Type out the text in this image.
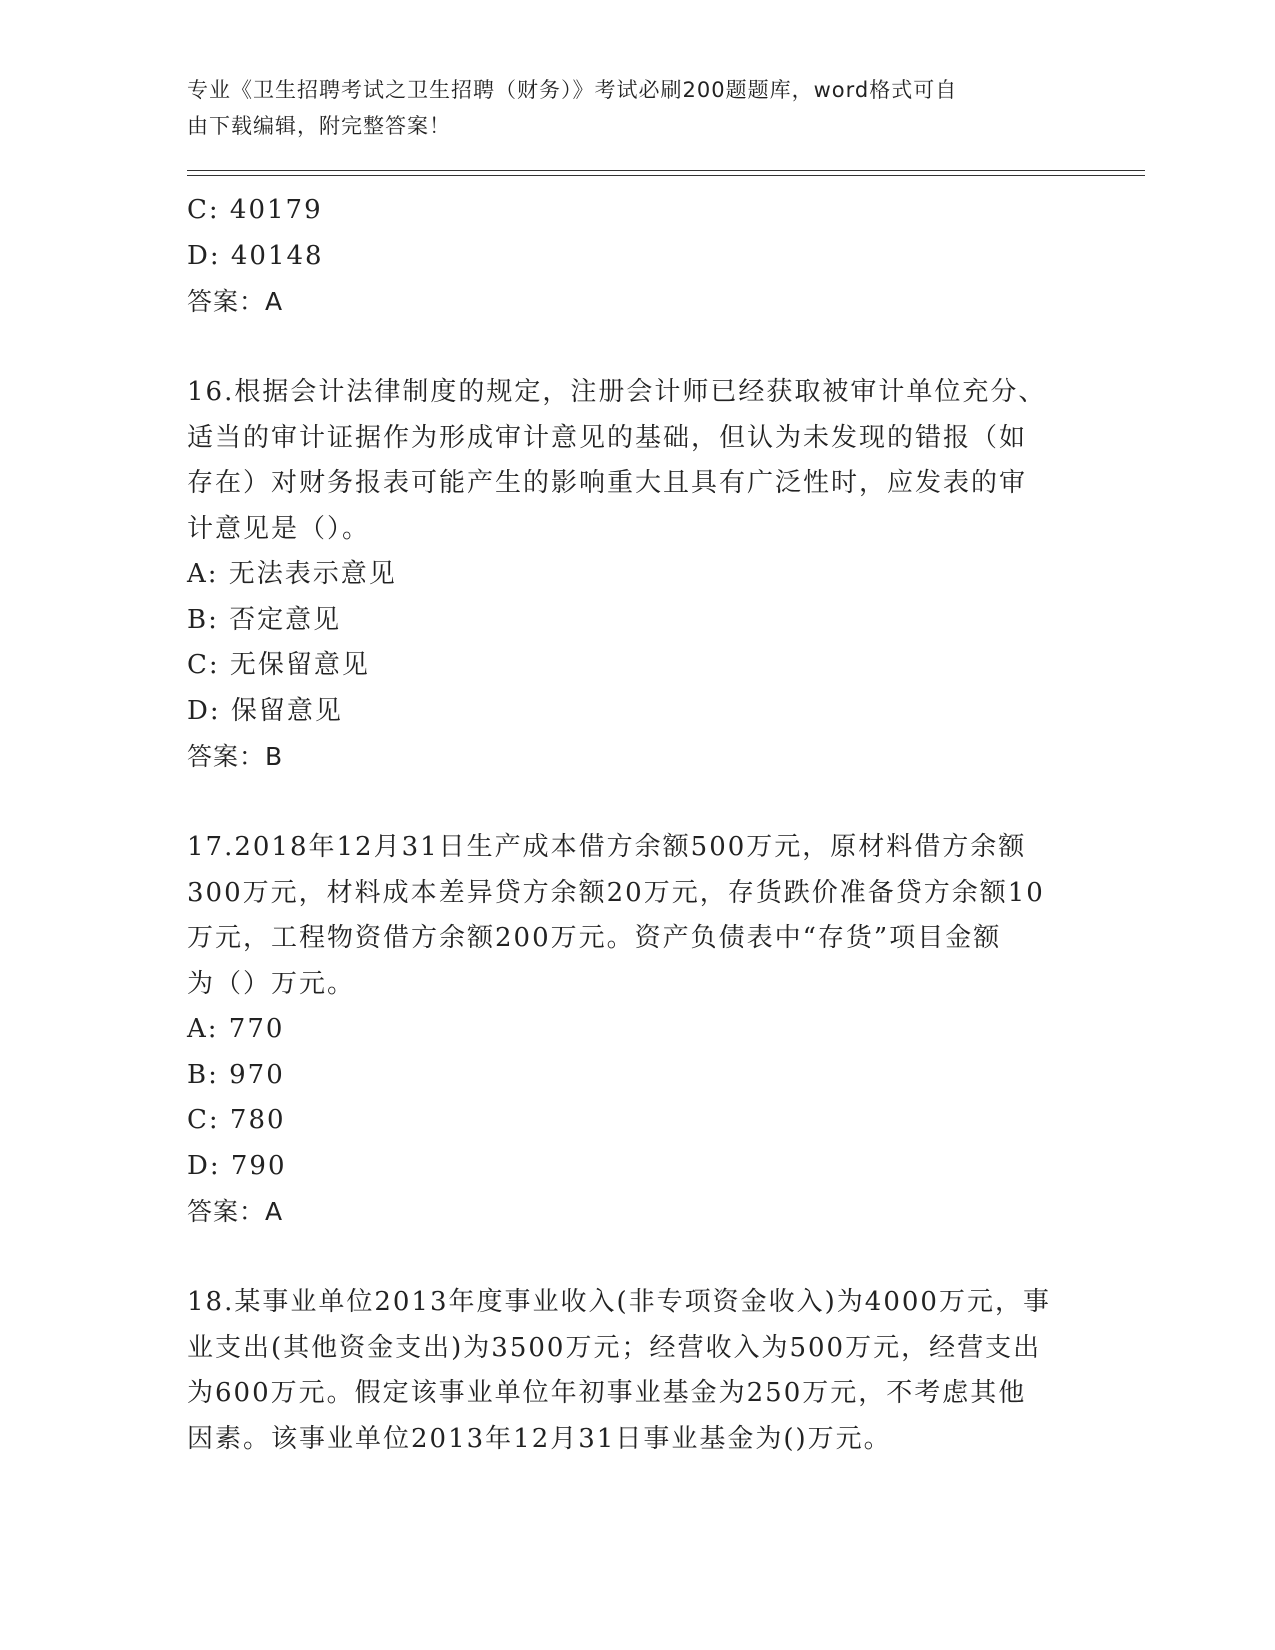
专业《卫生招聘考试之卫生招聘（财务）》考试必刷200题题库，word格式可自
由下载编辑，附完整答案！
C: 40179
D: 40148
答案：A
16.根据会计法律制度的规定，注册会计师已经获取被审计单位充分、
适当的审计证据作为形成审计意见的基础，但认为未发现的错报（如
存在）对财务报表可能产生的影响重大且具有广泛性时，应发表的审
计意见是（）。
A: 无法表示意见
B: 否定意见
C: 无保留意见
D: 保留意见
答案：B
17.2018年12月31日生产成本借方余额500万元，原材料借方余额
300万元，材料成本差异贷方余额20万元，存货跌价准备贷方余额10
万元，工程物资借方余额200万元。资产负债表中“存货”项目金额
为（）万元。
A: 770
B: 970
C: 780
D: 790
答案：A
18.某事业单位2013年度事业收入(非专项资金收入)为4000万元，事
业支出(其他资金支出)为3500万元；经营收入为500万元，经营支出
为600万元。假定该事业单位年初事业基金为250万元，不考虑其他
因素。该事业单位2013年12月31日事业基金为()万元。
